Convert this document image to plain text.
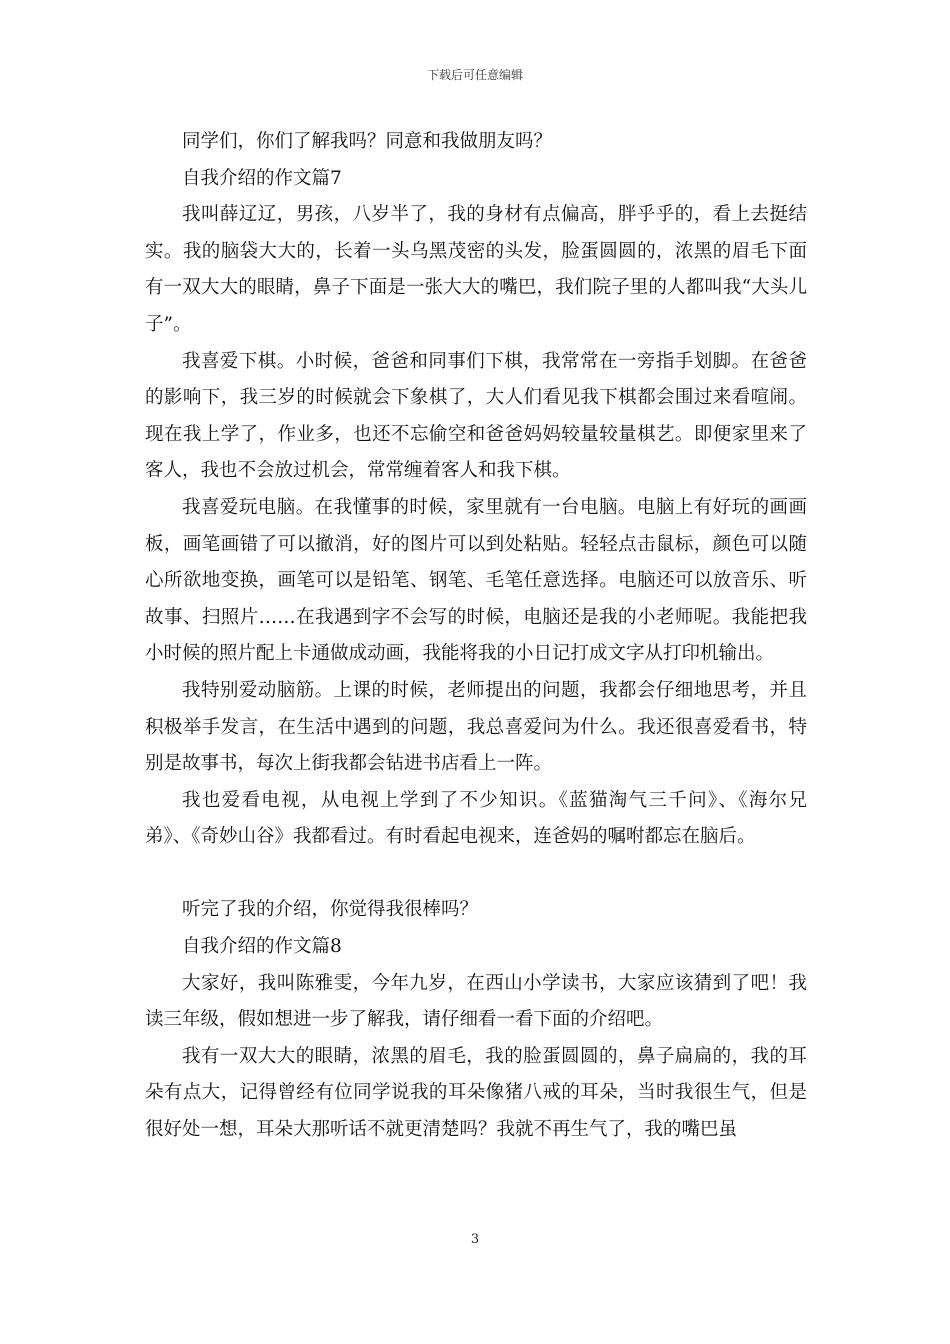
下载后可任意编辑

同学们，你们了解我吗？同意和我做朋友吗？

自我介绍的作文篇7

我叫薛辽辽，男孩，八岁半了，我的身材有点偏高，胖乎乎的，看上去挺结实。我的脑袋大大的，长着一头乌黑茂密的头发，脸蛋圆圆的，浓黑的眉毛下面有一双大大的眼睛，鼻子下面是一张大大的嘴巴，我们院子里的人都叫我“大头儿子”。

我喜爱下棋。小时候，爸爸和同事们下棋，我常常在一旁指手划脚。在爸爸的影响下，我三岁的时候就会下象棋了，大人们看见我下棋都会围过来看喧闹。现在我上学了，作业多，也还不忘偷空和爸爸妈妈较量较量棋艺。即便家里来了客人，我也不会放过机会，常常缠着客人和我下棋。

我喜爱玩电脑。在我懂事的时候，家里就有一台电脑。电脑上有好玩的画画板，画笔画错了可以撤消，好的图片可以到处粘贴。轻轻点击鼠标，颜色可以随心所欲地变换，画笔可以是铅笔、钢笔、毛笔任意选择。电脑还可以放音乐、听故事、扫照片……在我遇到字不会写的时候，电脑还是我的小老师呢。我能把我小时候的照片配上卡通做成动画，我能将我的小日记打成文字从打印机输出。

我特别爱动脑筋。上课的时候，老师提出的问题，我都会仔细地思考，并且积极举手发言，在生活中遇到的问题，我总喜爱问为什么。我还很喜爱看书，特别是故事书，每次上街我都会钻进书店看上一阵。

我也爱看电视，从电视上学到了不少知识。《蓝猫淘气三千问》、《海尔兄弟》、《奇妙山谷》我都看过。有时看起电视来，连爸妈的嘱咐都忘在脑后。

听完了我的介绍，你觉得我很棒吗？

自我介绍的作文篇8

大家好，我叫陈雅雯，今年九岁，在西山小学读书，大家应该猜到了吧！我读三年级，假如想进一步了解我，请仔细看一看下面的介绍吧。

我有一双大大的眼睛，浓黑的眉毛，我的脸蛋圆圆的，鼻子扁扁的，我的耳朵有点大，记得曾经有位同学说我的耳朵像猪八戒的耳朵，当时我很生气，但是很好处一想，耳朵大那听话不就更清楚吗？我就不再生气了，我的嘴巴虽

3
